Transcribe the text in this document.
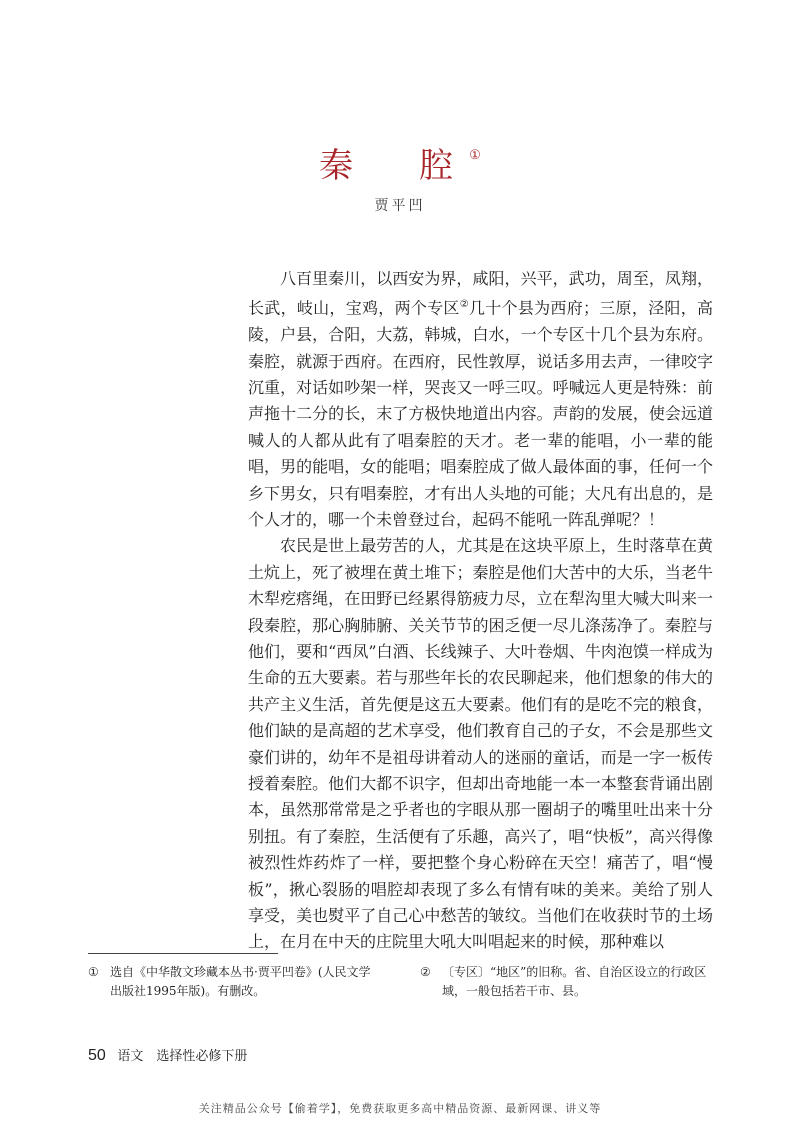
秦　腔①
贾平凹

八百里秦川，以西安为界，咸阳，兴平，武功，周至，凤翔，长武，岐山，宝鸡，两个专区②几十个县为西府；三原，泾阳，高陵，户县，合阳，大荔，韩城，白水，一个专区十几个县为东府。秦腔，就源于西府。在西府，民性敦厚，说话多用去声，一律咬字沉重，对话如吵架一样，哭丧又一呼三叹。呼喊远人更是特殊：前声拖十二分的长，末了方极快地道出内容。声韵的发展，使会远道喊人的人都从此有了唱秦腔的天才。老一辈的能唱，小一辈的能唱，男的能唱，女的能唱；唱秦腔成了做人最体面的事，任何一个乡下男女，只有唱秦腔，才有出人头地的可能；大凡有出息的，是个人才的，哪一个未曾登过台，起码不能吼一阵乱弹呢？！

农民是世上最劳苦的人，尤其是在这块平原上，生时落草在黄土炕上，死了被埋在黄土堆下；秦腔是他们大苦中的大乐，当老牛木犁疙瘩绳，在田野已经累得筋疲力尽，立在犁沟里大喊大叫来一段秦腔，那心胸肺腑、关关节节的困乏便一尽儿涤荡净了。秦腔与他们，要和“西凤”白酒、长线辣子、大叶卷烟、牛肉泡馍一样成为生命的五大要素。若与那些年长的农民聊起来，他们想象的伟大的共产主义生活，首先便是这五大要素。他们有的是吃不完的粮食，他们缺的是高超的艺术享受，他们教育自己的子女，不会是那些文豪们讲的，幼年不是祖母讲着动人的迷丽的童话，而是一字一板传授着秦腔。他们大都不识字，但却出奇地能一本一本整套背诵出剧本，虽然那常常是之乎者也的字眼从那一圈胡子的嘴里吐出来十分别扭。有了秦腔，生活便有了乐趣，高兴了，唱“快板”，高兴得像被烈性炸药炸了一样，要把整个身心粉碎在天空！痛苦了，唱“慢板”，揪心裂肠的唱腔却表现了多么有情有味的美来。美给了别人享受，美也熨平了自己心中愁苦的皱纹。当他们在收获时节的土场上，在月在中天的庄院里大吼大叫唱起来的时候，那种难以

① 选自《中华散文珍藏本丛书·贾平凹卷》(人民文学出版社1995年版)。有删改。
② 〔专区〕“地区”的旧称。省、自治区设立的行政区域，一般包括若干市、县。
50 语文　选择性必修下册
关注精品公众号【偷着学】，免费获取更多高中精品资源、最新网课、讲义等
